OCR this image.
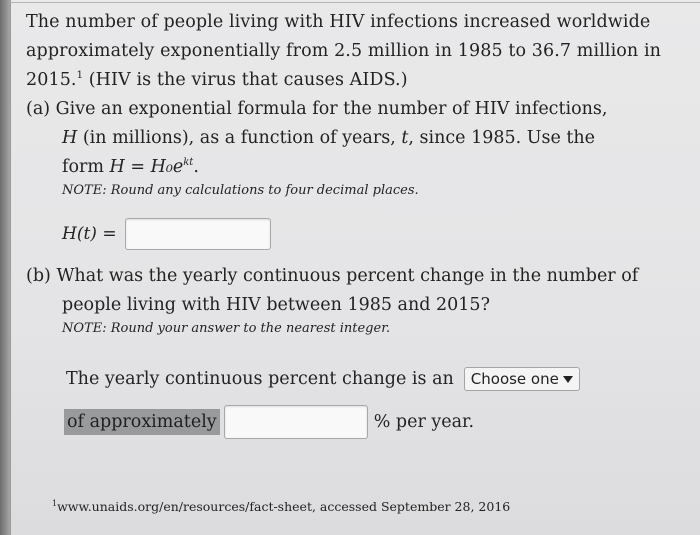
The number of people living with HIV infections increased worldwide approximately exponentially from 2.5 million in 1985 to 36.7 million in 2015.$^1$ (HIV is the virus that causes AIDS.)

(a) Give an exponential formula for the number of HIV infections,
H (in millions), as a function of years, t, since 1985. Use the
form $H = H_0e^{kt}$.
NOTE: Round any calculations to four decimal places.
H(t) =
(b) What was the yearly continuous percent change in the number of
people living with HIV between 1985 and 2015?
NOTE: Round your answer to the nearest integer.
The yearly continuous percent change is an Choose one
of approximately	% per year.
$^1$www.unaids.org/en/resources/fact-sheet, accessed September 28, 2016
